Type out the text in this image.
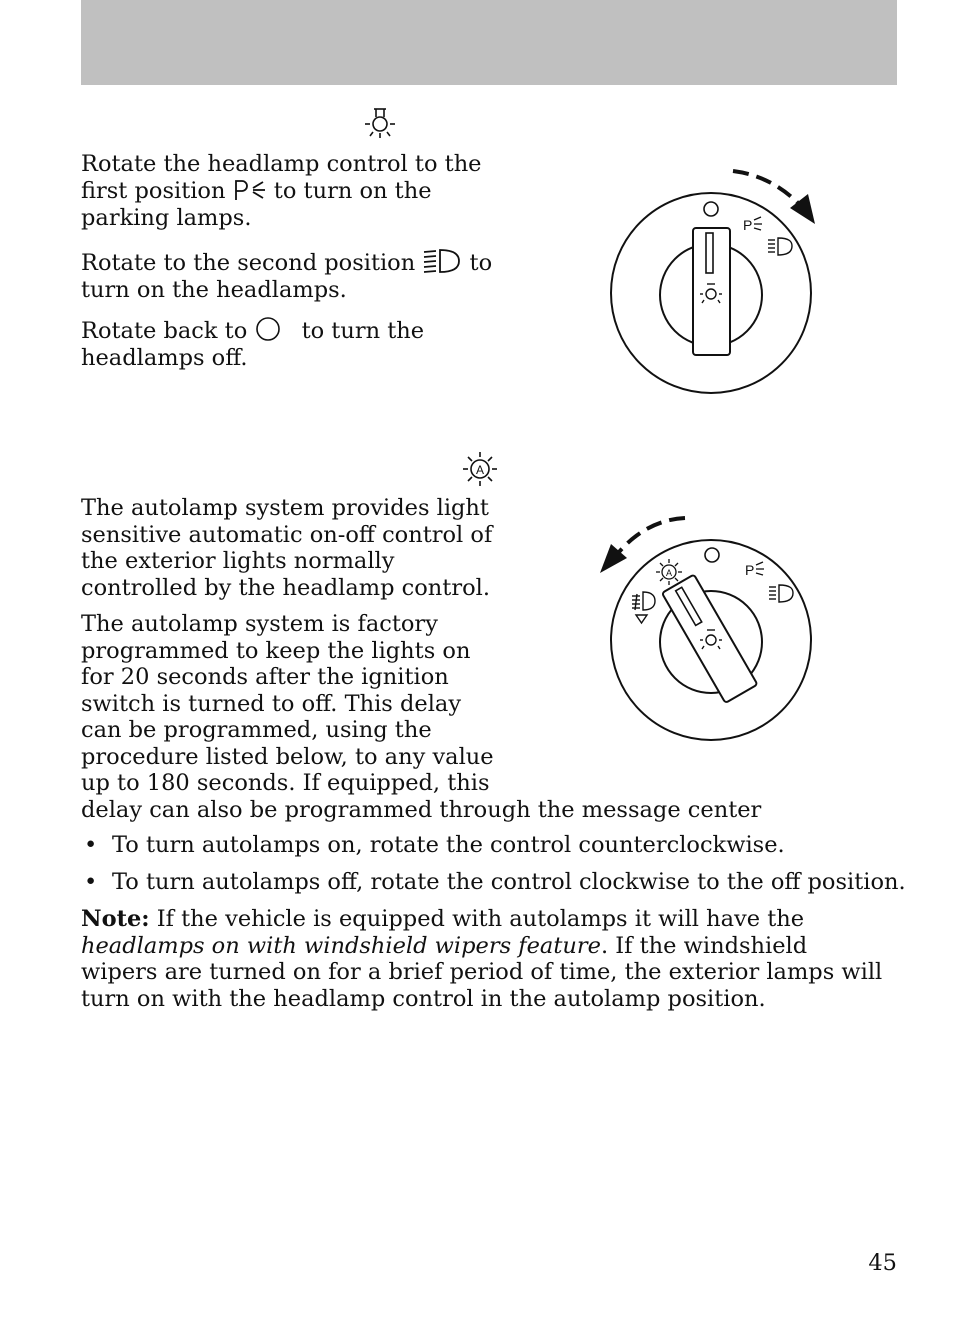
Rotate the headlamp control to the
first position to turn on the
parking lamps.

Rotate to the second position to
turn on the headlamps.

Rotate back to to turn the
headlamps off.

P
A

The autolamp system provides light
sensitive automatic on-off control of
the exterior lights normally
controlled by the headlamp control.

The autolamp system is factory
programmed to keep the lights on
for 20 seconds after the ignition
switch is turned to off. This delay
can be programmed, using the
procedure listed below, to any value
up to 180 seconds. If equipped, this
delay can also be programmed through the message center

P
A
• To turn autolamps on, rotate the control counterclockwise.
• To turn autolamps off, rotate the control clockwise to the off position.

Note: If the vehicle is equipped with autolamps it will have the
headlamps on with windshield wipers feature. If the windshield
wipers are turned on for a brief period of time, the exterior lamps will
turn on with the headlamp control in the autolamp position.

45
